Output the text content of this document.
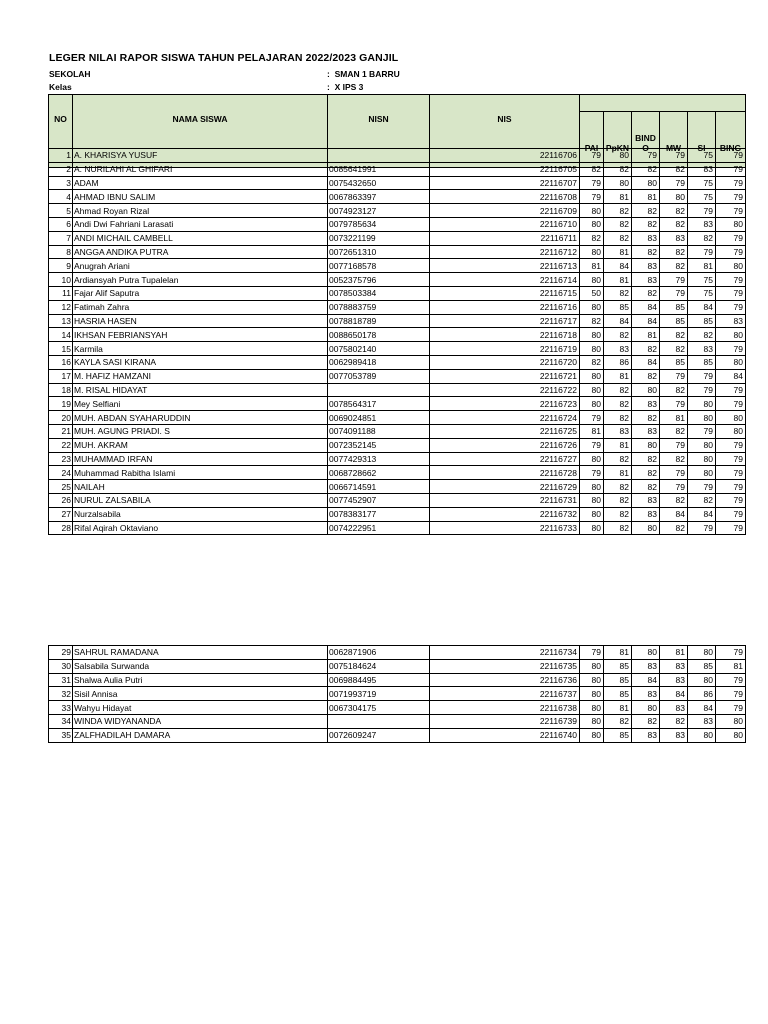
LEGER NILAI RAPOR SISWA TAHUN PELAJARAN 2022/2023 GANJIL
SEKOLAH	: SMAN 1 BARRU
Kelas	: X IPS 3
NO	NAMA SISWA	NISN	NIS						
				PAI	PpKN	BIND O	MW	SI	BING
1	A. KHARISYA YUSUF		22116706	79	80	79	79	75	79
2	A. NURILAHI AL GHIFARI	0085641991	22116705	82	82	82	82	83	79
3	ADAM	0075432650	22116707	79	80	80	79	75	79
4	AHMAD IBNU SALIM	0067863397	22116708	79	81	81	80	75	79
5	Ahmad Royan Rizal	0074923127	22116709	80	82	82	82	79	79
6	Andi Dwi Fahriani Larasati	0079785634	22116710	80	82	82	82	83	80
7	ANDI MICHAIL CAMBELL	0073221199	22116711	82	82	83	83	82	79
8	ANGGA ANDIKA PUTRA	0072651310	22116712	80	81	82	82	79	79
9	Anugrah Ariani	0077168578	22116713	81	84	83	82	81	80
10	Ardiansyah Putra Tupalelan	0052375796	22116714	80	81	83	79	75	79
11	Fajar Alif Saputra	0078503384	22116715	50	82	82	79	75	79
12	Fatimah Zahra	0078883759	22116716	80	85	84	85	84	79
13	HASRIA HASEN	0078818789	22116717	82	84	84	85	85	83
14	IKHSAN FEBRIANSYAH	0088650178	22116718	80	82	81	82	82	80
15	Karmila	0075802140	22116719	80	83	82	82	83	79
16	KAYLA SASI KIRANA	0062989418	22116720	82	86	84	85	85	80
17	M. HAFIZ HAMZANI	0077053789	22116721	80	81	82	79	79	84
18	M. RISAL HIDAYAT		22116722	80	82	80	82	79	79
19	Mey Selfiani	0078564317	22116723	80	82	83	79	80	79
20	MUH. ABDAN SYAHARUDDIN	0069024851	22116724	79	82	82	81	80	80
21	MUH. AGUNG PRIADI. S	0074091188	22116725	81	83	83	82	79	80
22	MUH. AKRAM	0072352145	22116726	79	81	80	79	80	79
23	MUHAMMAD IRFAN	0077429313	22116727	80	82	82	82	80	79
24	Muhammad Rabitha Islami	0068728662	22116728	79	81	82	79	80	79
25	NAILAH	0066714591	22116729	80	82	82	79	79	79
26	NURUL ZALSABILA	0077452907	22116731	80	82	83	82	82	79
27	Nurzalsabila	0078383177	22116732	80	82	83	84	84	79
28	Rifal Aqirah Oktaviano	0074222951	22116733	80	82	80	82	79	79
29	SAHRUL RAMADANA	0062871906	22116734	79	81	80	81	80	79
30	Salsabila Surwanda	0075184624	22116735	80	85	83	83	85	81
31	Shalwa Aulia Putri	0069884495	22116736	80	85	84	83	80	79
32	Sisil Annisa	0071993719	22116737	80	85	83	84	86	79
33	Wahyu Hidayat	0067304175	22116738	80	81	80	83	84	79
34	WINDA WIDYANANDA		22116739	80	82	82	82	83	80
35	ZALFHADILAH DAMARA	0072609247	22116740	80	85	83	83	80	80
